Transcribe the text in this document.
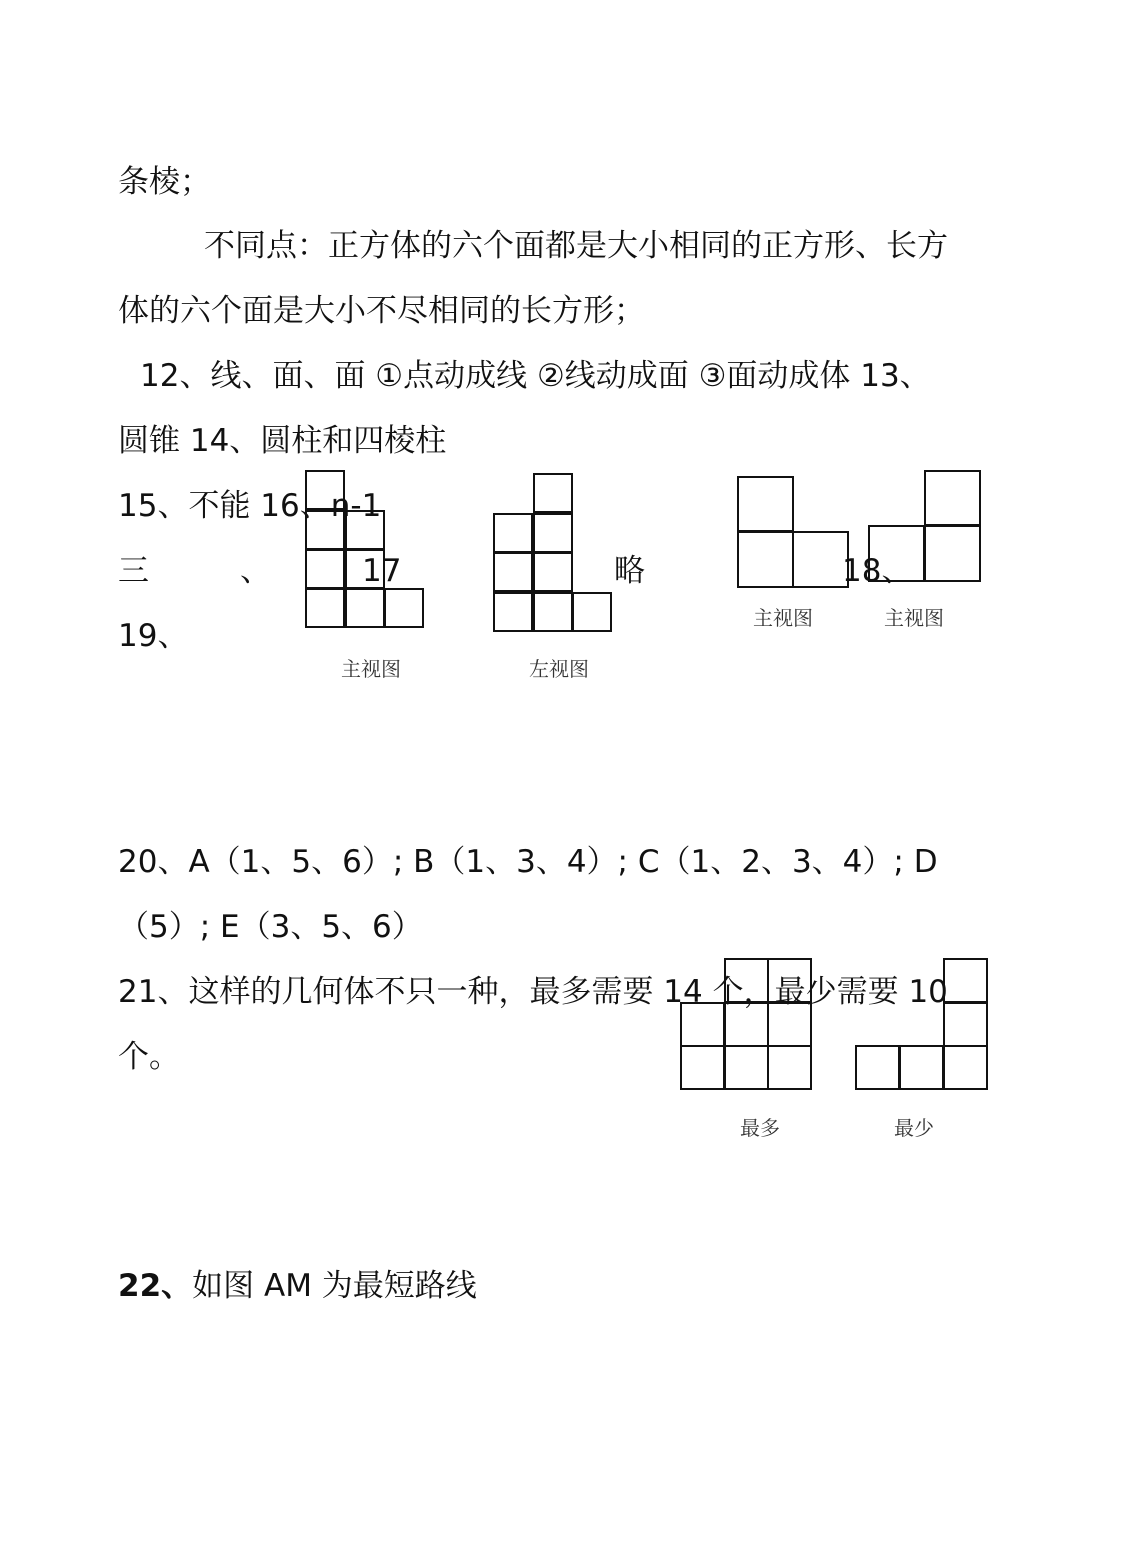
条棱；
不同点：正方体的六个面都是大小相同的正方形、长方
体的六个面是大小不尽相同的长方形；
12、线、面、面 ①点动成线 ②线动成面 ③面动成体 13、
圆锥 14、圆柱和四棱柱
15、不能 16、n-1
三	、	17	略	18、
19、
20、A（1、5、6）; B（1、3、4）; C（1、2、3、4）; D
（5）; E（3、5、6）
21、这样的几何体不只一种，最多需要 14 个，最少需要 10
个。
22、如图 AM 为最短路线
主视图	左视图
主视图	主视图
最多	最少
